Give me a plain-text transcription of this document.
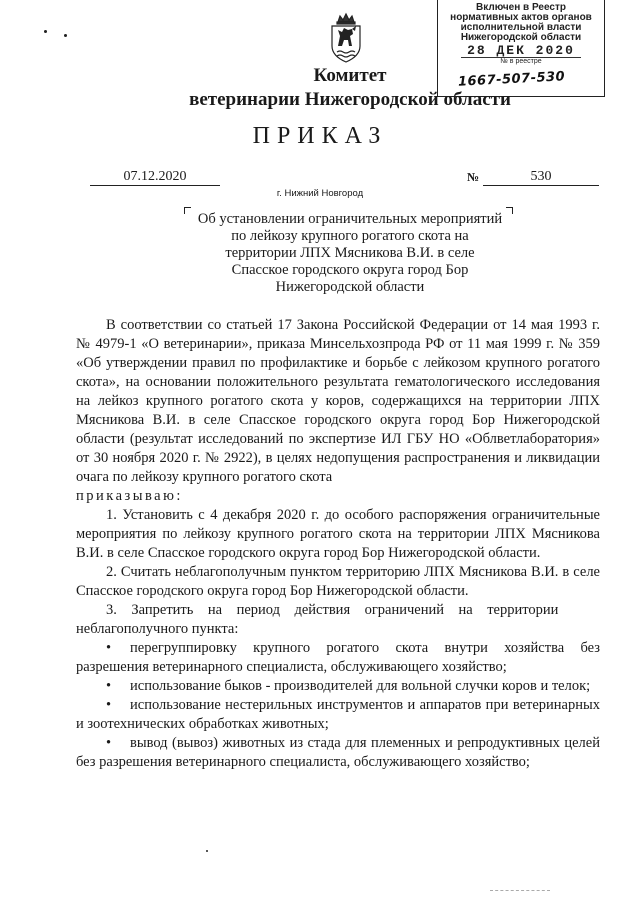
Включен в Реестр
нормативных актов органов
исполнительной власти
Нижегородской области
28 ДЕК 2020
№ в реестре
1667-507-530
Комитет
ветеринарии Нижегородской области
ПРИКАЗ
07.12.2020	№	530
г. Нижний Новгород
Об установлении ограничительных мероприятий
по лейкозу крупного рогатого скота на
территории ЛПХ Мясникова В.И. в селе
Спасское городского округа город Бор
Нижегородской области

В соответствии со статьей 17 Закона Российской Федерации от 14 мая 1993 г. № 4979-1 «О ветеринарии», приказа Минсельхозпрода РФ от 11 мая 1999 г. № 359 «Об утверждении правил по профилактике и борьбе с лейкозом крупного рогатого скота», на основании положительного результата гематологического исследования на лейкоз крупного рогатого скота у коров, содержащихся на территории ЛПХ Мясникова В.И. в селе Спасское городского округа город Бор Нижегородской области (результат исследований по экспертизе ИЛ ГБУ НО «Облветлаборатория» от 30 ноября 2020 г. № 2922), в целях недопущения распространения и ликвидации очага по лейкозу крупного рогатого скота

приказываю:

1. Установить с 4 декабря 2020 г. до особого распоряжения ограничительные мероприятия по лейкозу крупного рогатого скота на территории ЛПХ Мясникова В.И. в селе Спасское городского округа город Бор Нижегородской области.

2. Считать неблагополучным пунктом территорию ЛПХ Мясникова В.И. в селе Спасское городского округа город Бор Нижегородской области.

3.    Запретить    на    период    действия    ограничений    на    территории

неблагополучного пункта:

• перегруппировку крупного рогатого скота внутри хозяйства без разрешения ветеринарного специалиста, обслуживающего хозяйство;

• использование быков - производителей для вольной случки коров и телок;

• использование нестерильных инструментов и аппаратов при ветеринарных и зоотехнических обработках животных;

• вывод (вывоз) животных из стада для племенных и репродуктивных целей без разрешения ветеринарного специалиста, обслуживающего хозяйство;
